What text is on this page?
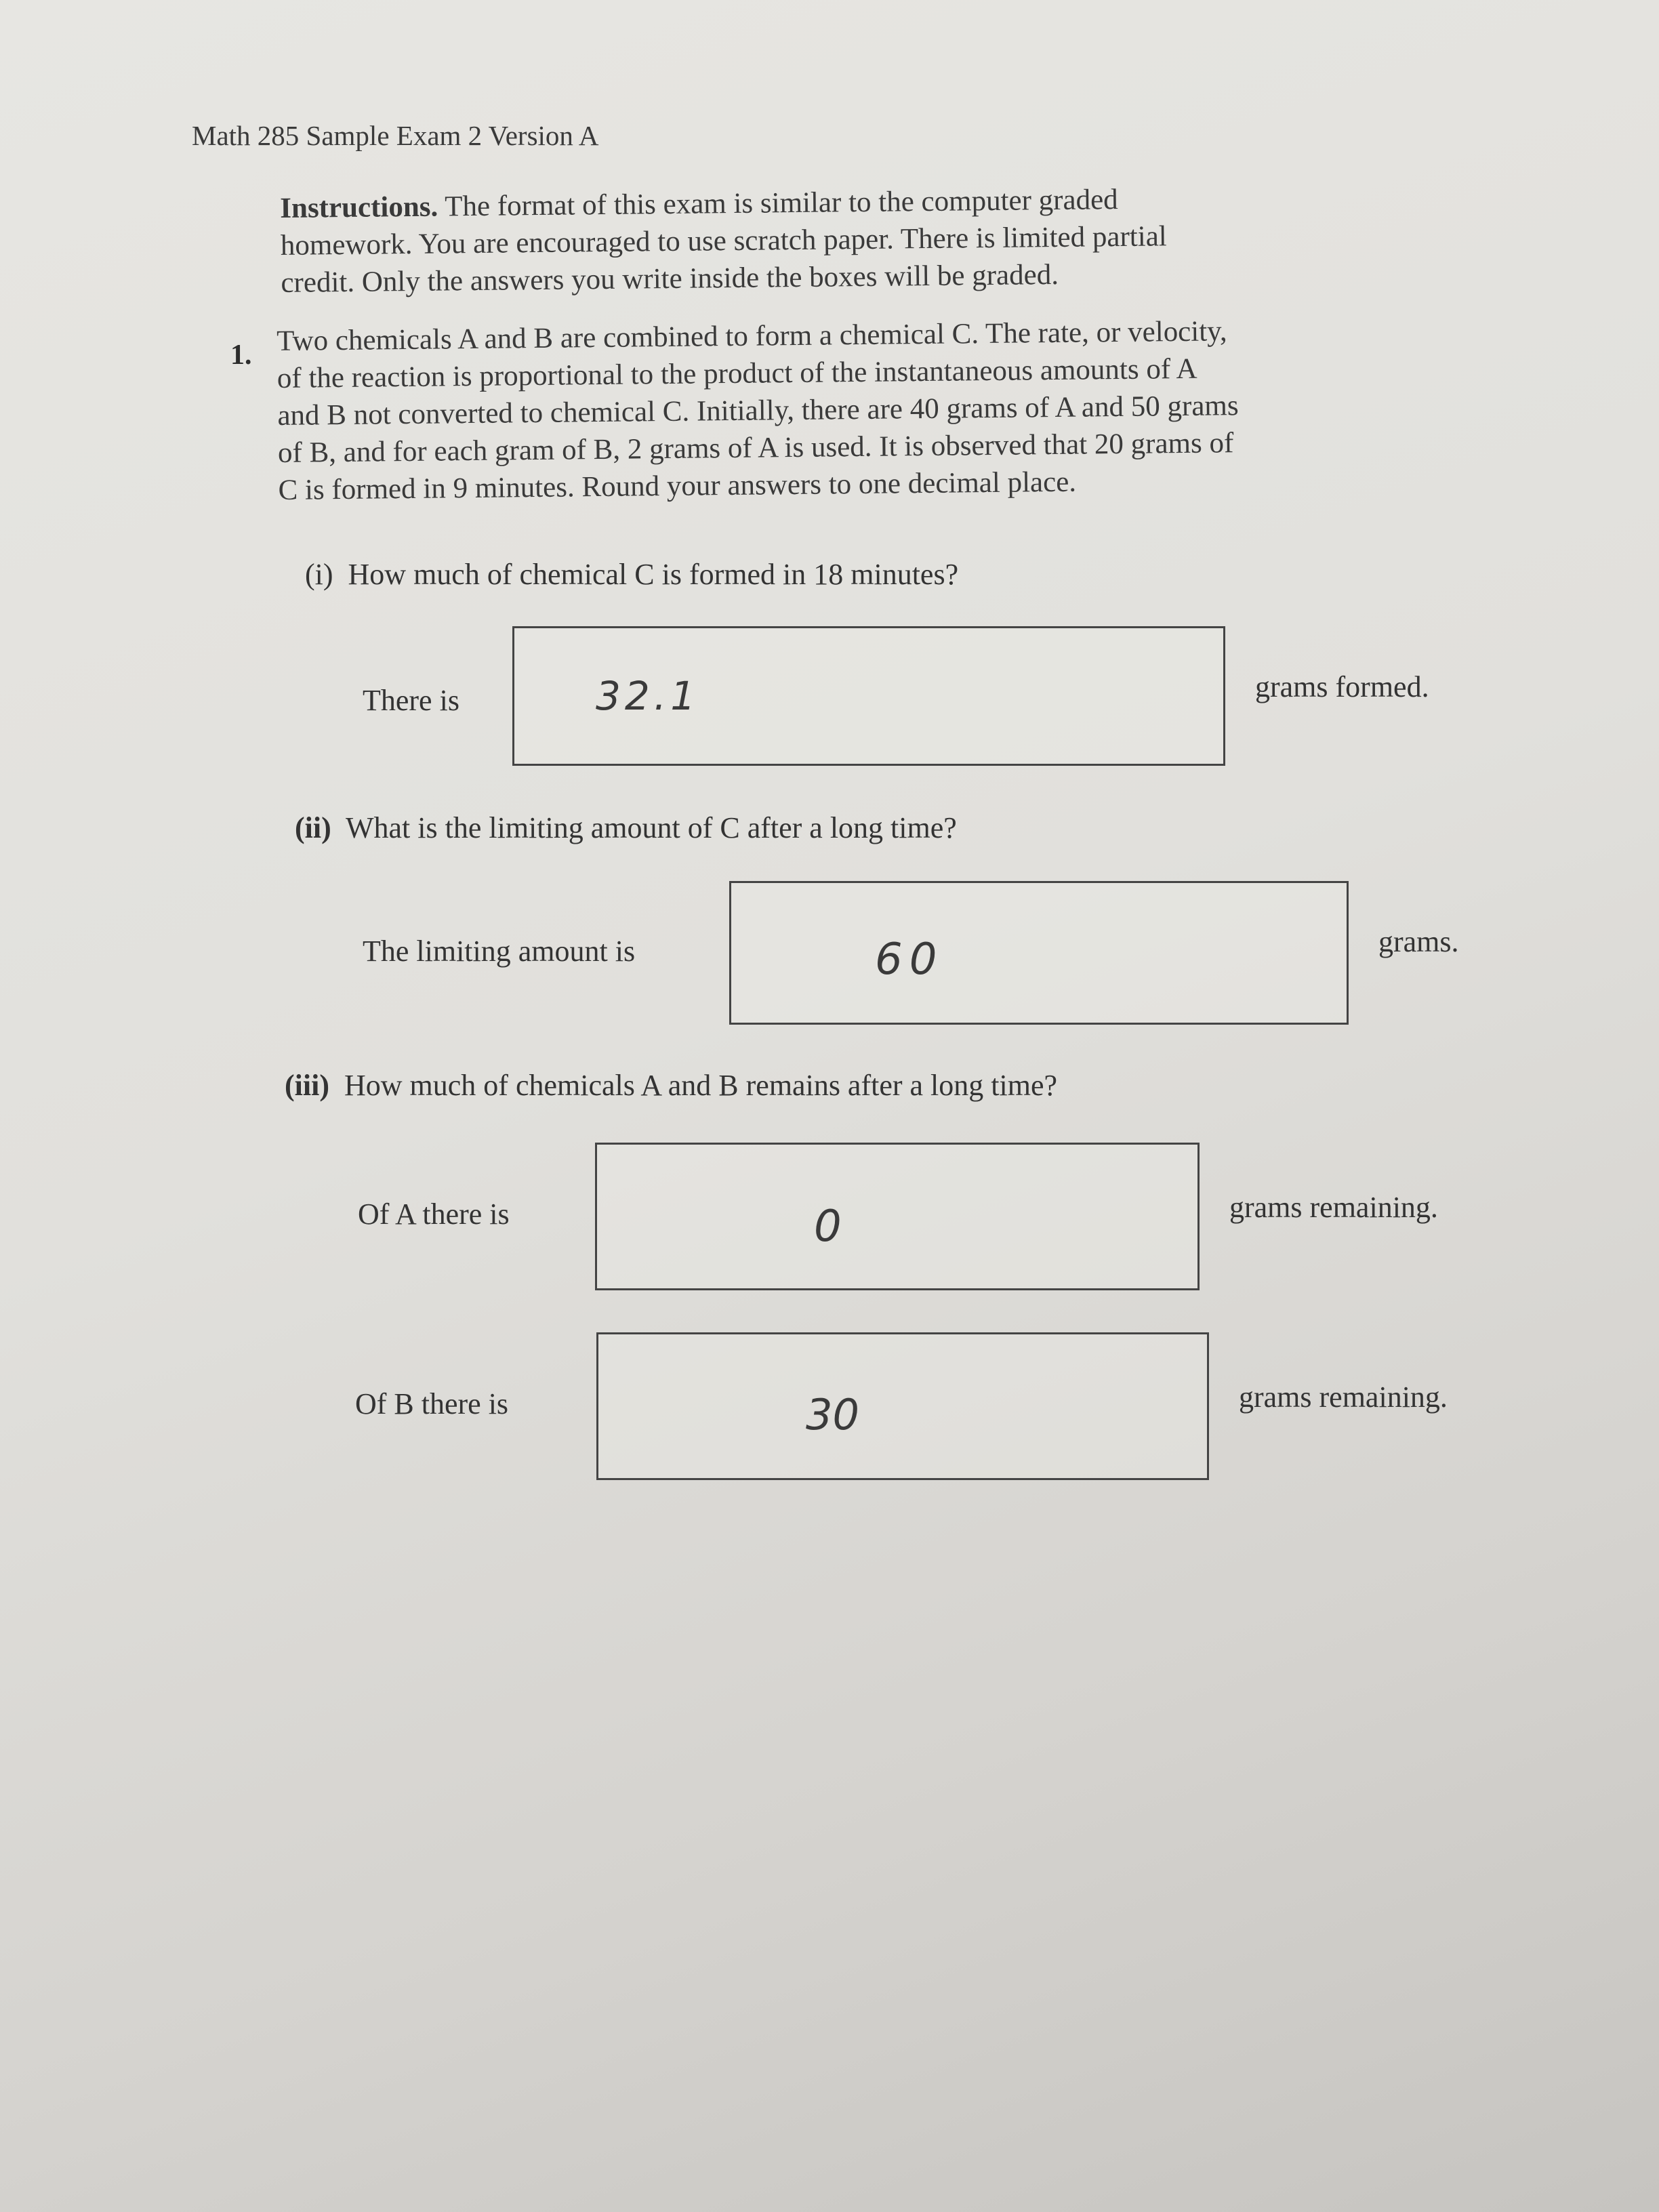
Math 285 Sample Exam 2 Version A
Instructions. The format of this exam is similar to the computer graded
homework. You are encouraged to use scratch paper. There is limited partial
credit. Only the answers you write inside the boxes will be graded.
1. Two chemicals A and B are combined to form a chemical C. The rate, or velocity,
of the reaction is proportional to the product of the instantaneous amounts of A
and B not converted to chemical C. Initially, there are 40 grams of A and 50 grams
of B, and for each gram of B, 2 grams of A is used. It is observed that 20 grams of
C is formed in 9 minutes. Round your answers to one decimal place.
(i) How much of chemical C is formed in 18 minutes?
There is	32.1	grams formed.
(ii) What is the limiting amount of C after a long time?
The limiting amount is	60	grams.
(iii) How much of chemicals A and B remains after a long time?
Of A there is	0	grams remaining.
Of B there is	30	grams remaining.
